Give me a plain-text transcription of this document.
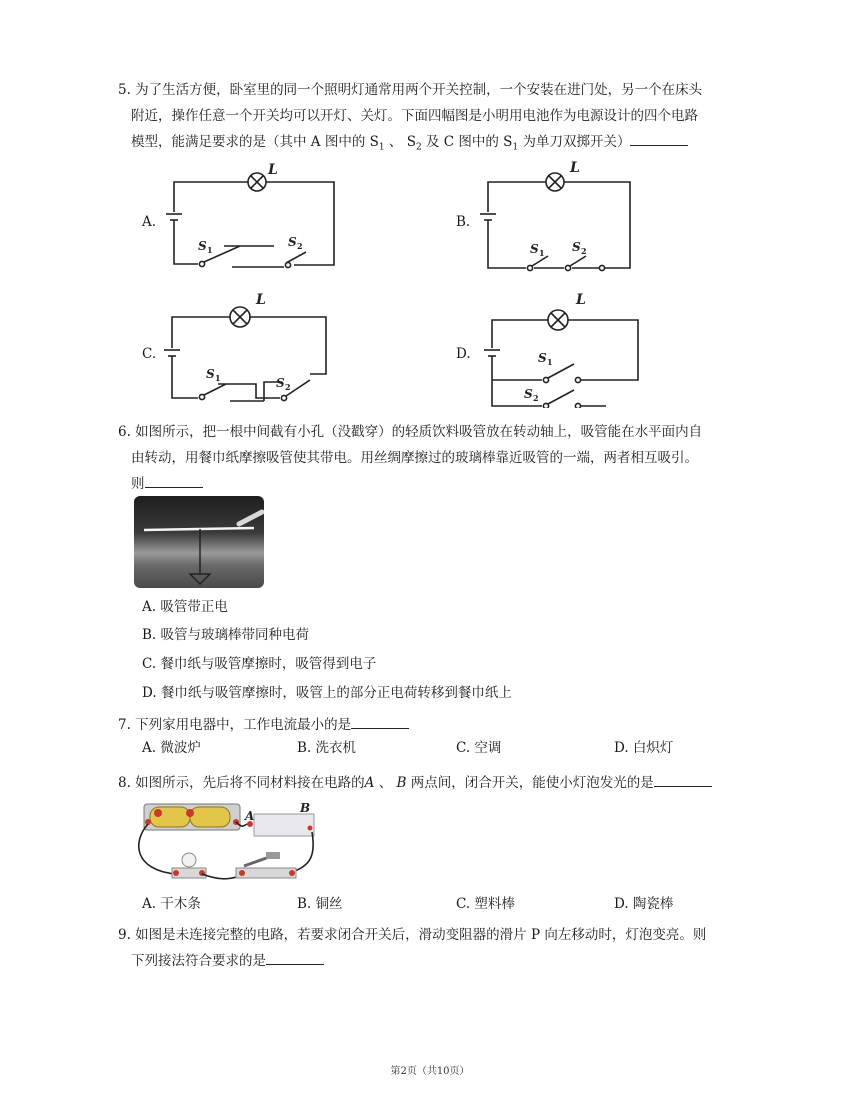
5. 为了生活方便，卧室里的同一个照明灯通常用两个开关控制，一个安装在进门处，另一个在床头
附近，操作任意一个开关均可以开灯、关灯。下面四幅图是小明用电池作为电源设计的四个电路
模型，能满足要求的是（其中 A 图中的 $S_1$ 、 $S_2$ 及 C 图中的 $S_1$ 为单刀双掷开关）
A.	B.
C.	D.
L
S 1
S 2
L
S 1 S 2
L
S 1	S 2
L
S 1
S 2
6. 如图所示，把一根中间截有小孔（没戳穿）的轻质饮料吸管放在转动轴上，吸管能在水平面内自
由转动，用餐巾纸摩擦吸管使其带电。用丝绸摩擦过的玻璃棒靠近吸管的一端，两者相互吸引。
则
A. 吸管带正电
B. 吸管与玻璃棒带同种电荷
C. 餐巾纸与吸管摩擦时，吸管得到电子
D. 餐巾纸与吸管摩擦时，吸管上的部分正电荷转移到餐巾纸上
7. 下列家用电器中，工作电流最小的是
A. 微波炉	B. 洗衣机	C. 空调	D. 白炽灯
8. 如图所示，先后将不同材料接在电路的A 、 B 两点间，闭合开关，能使小灯泡发光的是
A
B
A. 干木条	B. 铜丝	C. 塑料棒	D. 陶瓷棒
9. 如图是未连接完整的电路，若要求闭合开关后，滑动变阻器的滑片 P 向左移动时，灯泡变亮。则
下列接法符合要求的是
第2页（共10页）
